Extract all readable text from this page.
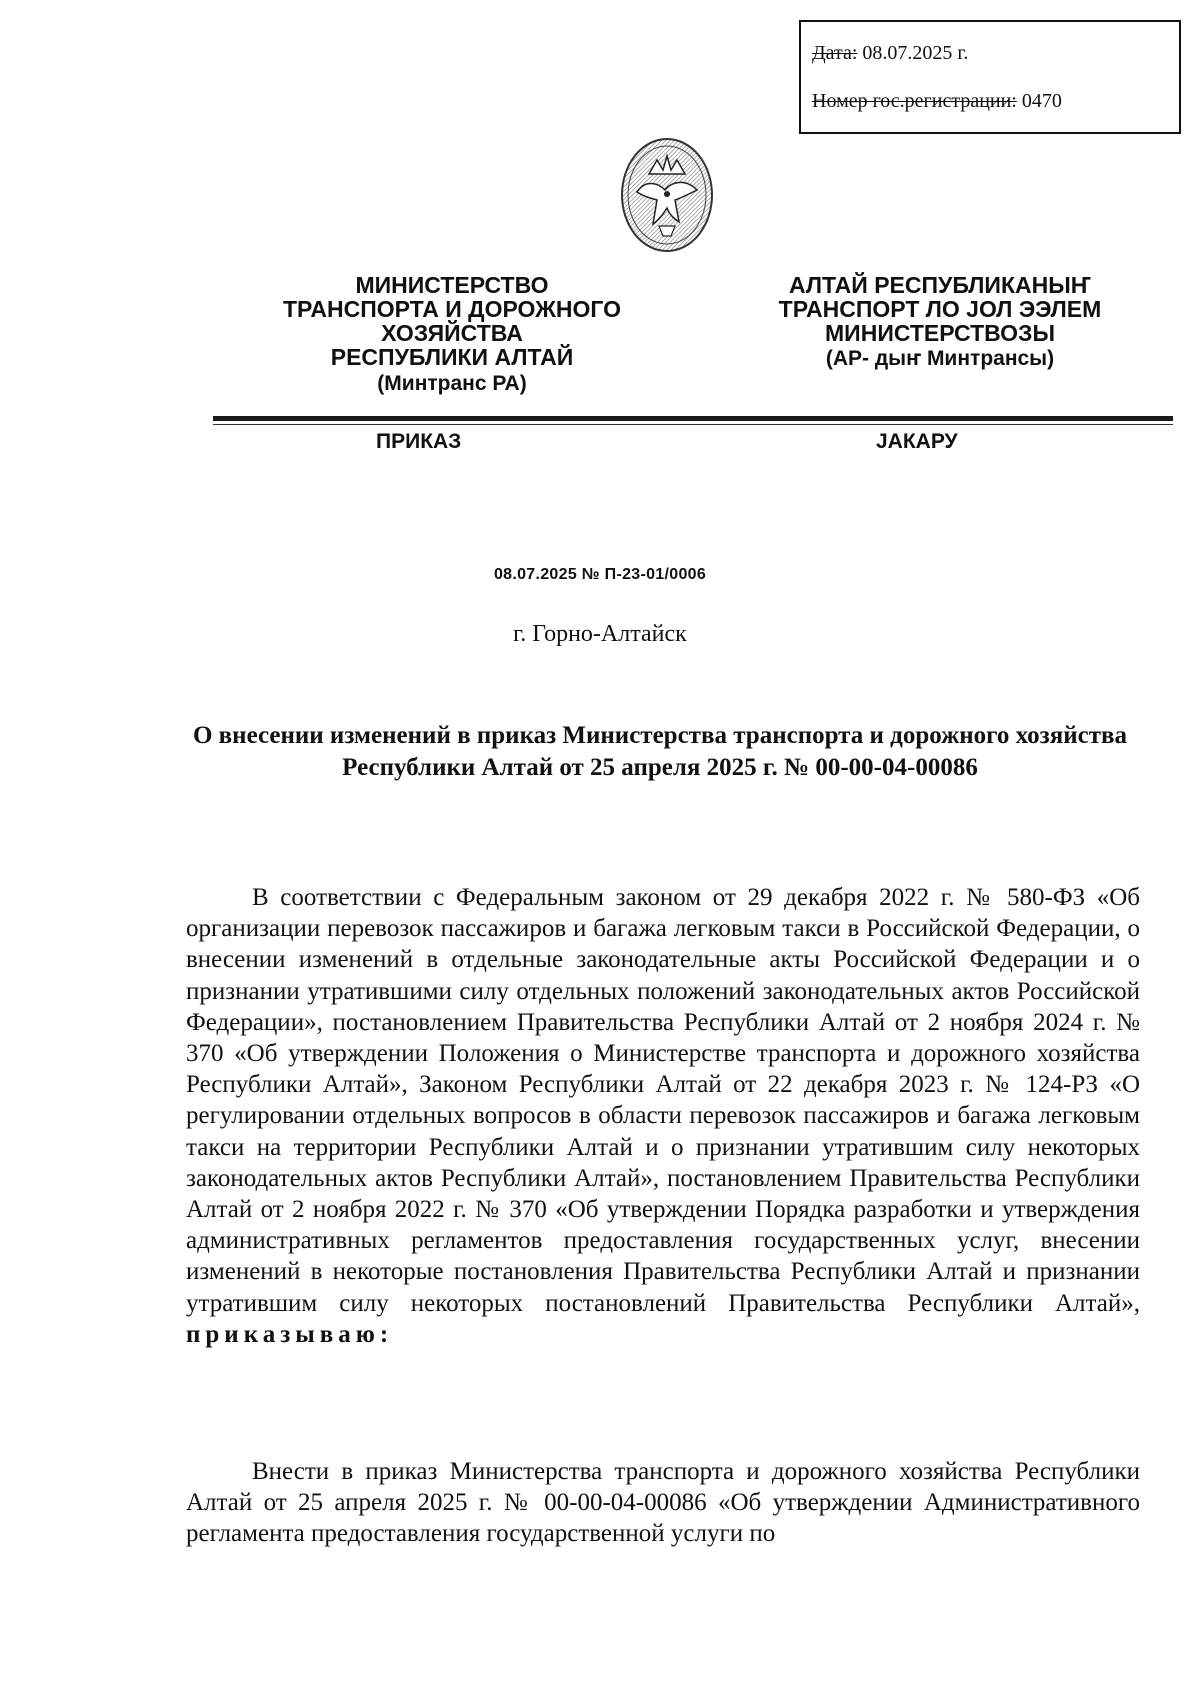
Дата: 08.07.2025 г.
Номер гос.регистрации: 0470
МИНИСТЕРСТВО
ТРАНСПОРТА И ДОРОЖНОГО
ХОЗЯЙСТВА
РЕСПУБЛИКИ АЛТАЙ
(Минтранс РА)
АЛТАЙ РЕСПУБЛИКАНЫҤ
ТРАНСПОРТ ЛО ЈОЛ ЭЭЛЕМ
МИНИСТЕРСТВОЗЫ
(АР- дыҥ Минтрансы)
ПРИКАЗ	ЈАКАРУ
08.07.2025 № П-23-01/0006
г. Горно-Алтайск
О внесении изменений в приказ Министерства транспорта и дорожного хозяйства Республики Алтай от 25 апреля 2025 г. № 00-00-04-00086

В соответствии с Федеральным законом от 29 декабря 2022 г. № 580-ФЗ «Об организации перевозок пассажиров и багажа легковым такси в Российской Федерации, о внесении изменений в отдельные законодательные акты Российской Федерации и о признании утратившими силу отдельных положений законодательных актов Российской Федерации», постановлением Правительства Республики Алтай от 2 ноября 2024 г. № 370 «Об утверждении Положения о Министерстве транспорта и дорожного хозяйства Республики Алтай», Законом Республики Алтай от 22 декабря 2023 г. № 124-РЗ «О регулировании отдельных вопросов в области перевозок пассажиров и багажа легковым такси на территории Республики Алтай и о признании утратившим силу некоторых законодательных актов Республики Алтай», постановлением Правительства Республики Алтай от 2 ноября 2022 г. № 370 «Об утверждении Порядка разработки и утверждения административных регламентов предоставления государственных услуг, внесении изменений в некоторые постановления Правительства Республики Алтай и признании утратившим силу некоторых постановлений Правительства Республики Алтай», приказываю:

Внести в приказ Министерства транспорта и дорожного хозяйства Республики Алтай от 25 апреля 2025 г. № 00-00-04-00086 «Об утверждении Административного регламента предоставления государственной услуги по
